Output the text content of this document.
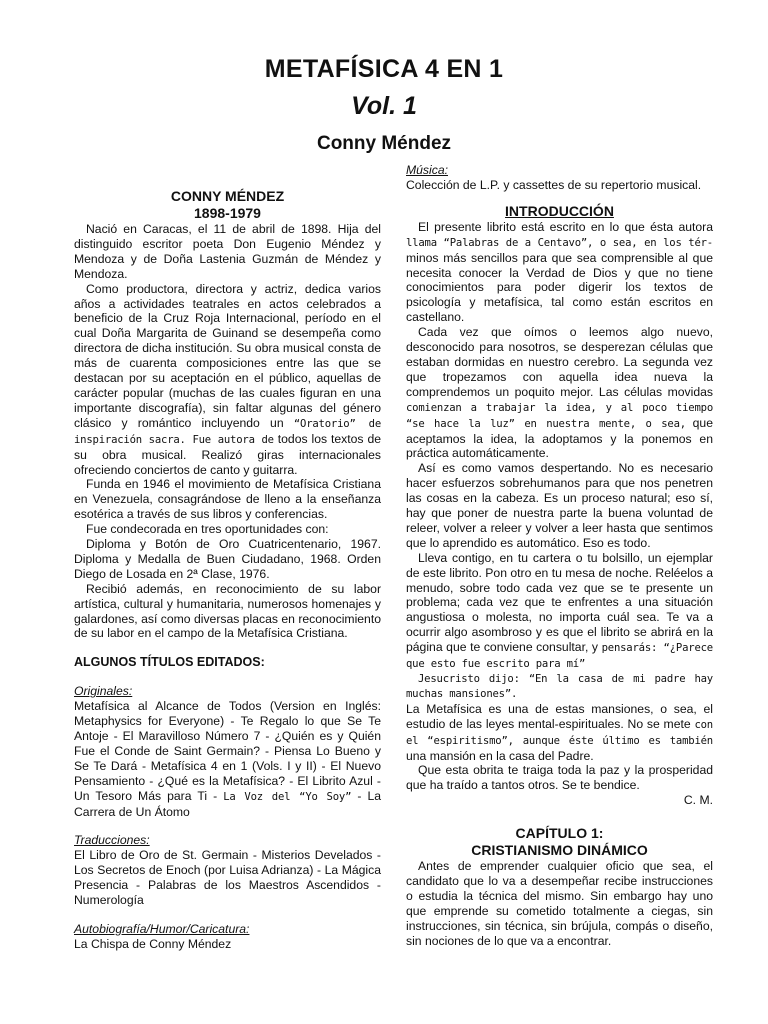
METAFÍSICA 4 EN 1
Vol. 1
Conny Méndez
CONNY MÉNDEZ
1898-1979

Nació en Caracas, el 11 de abril de 1898. Hija del distinguido escritor poeta Don Eugenio Méndez y Mendoza y de Doña Lastenia Guzmán de Méndez y Mendoza.

Como productora, directora y actriz, dedica varios años a actividades teatrales en actos celebrados a beneficio de la Cruz Roja Internacional, período en el cual Doña Margarita de Guinand se desempeña como directora de dicha institución. Su obra musical consta de más de cuarenta composiciones entre las que se destacan por su aceptación en el público, aquellas de carácter popular (muchas de las cuales figuran en una importante discografía), sin faltar algunas del género clásico y romántico incluyendo un “Oratorio” de inspiración sacra. Fue autora de todos los textos de su obra musical. Realizó giras internacionales ofreciendo conciertos de canto y guitarra.

Funda en 1946 el movimiento de Metafísica Cristiana en Venezuela, consagrándose de lleno a la enseñanza esotérica a través de sus libros y conferencias.

Fue condecorada en tres oportunidades con:

Diploma y Botón de Oro Cuatricentenario, 1967. Diploma y Medalla de Buen Ciudadano, 1968. Orden Diego de Losada en 2ª Clase, 1976.

Recibió además, en reconocimiento de su labor artística, cultural y humanitaria, numerosos homenajes y galardones, así como diversas placas en reconocimiento de su labor en el campo de la Metafísica Cristiana.

ALGUNOS TÍTULOS EDITADOS:

Originales:

Metafísica al Alcance de Todos (Version en Inglés: Metaphysics for Everyone) - Te Regalo lo que Se Te Antoje - El Maravilloso Número 7 - ¿Quién es y Quién Fue el Conde de Saint Germain? - Piensa Lo Bueno y Se Te Dará - Metafísica 4 en 1 (Vols. I y II) - El Nuevo Pensamiento - ¿Qué es la Metafísica? - El Librito Azul - Un Tesoro Más para Ti - La Voz del “Yo Soy” - La Carrera de Un Átomo

Traducciones:

El Libro de Oro de St. Germain - Misterios Develados - Los Secretos de Enoch (por Luisa Adrianza) - La Mágica Presencia - Palabras de los Maestros Ascendidos - Numerología

Autobiografía/Humor/Caricatura:

La Chispa de Conny Méndez

Música:

Colección de L.P. y cassettes de su repertorio musical.

INTRODUCCIÓN

El presente librito está escrito en lo que ésta autora llama “Palabras de a Centavo”, o sea, en los tér- minos más sencillos para que sea comprensible al que necesita conocer la Verdad de Dios y que no tiene conocimientos para poder digerir los textos de psicología y metafísica, tal como están escritos en castellano.

Cada vez que oímos o leemos algo nuevo, desconocido para nosotros, se desperezan células que estaban dormidas en nuestro cerebro. La segunda vez que tropezamos con aquella idea nueva la comprendemos un poquito mejor. Las células movidas comienzan a trabajar la idea, y al poco tiempo “se hace la luz” en nuestra mente, o sea, que aceptamos la idea, la adoptamos y la ponemos en práctica automáticamente.

Así es como vamos despertando. No es necesario hacer esfuerzos sobrehumanos para que nos penetren las cosas en la cabeza. Es un proceso natural; eso sí, hay que poner de nuestra parte la buena voluntad de releer, volver a releer y volver a leer hasta que sentimos que lo aprendido es automático. Eso es todo.

Lleva contigo, en tu cartera o tu bolsillo, un ejemplar de este librito. Pon otro en tu mesa de noche. Reléelos a menudo, sobre todo cada vez que se te presente un problema; cada vez que te enfrentes a una situación angustiosa o molesta, no importa cuál sea. Te va a ocurrir algo asombroso y es que el librito se abrirá en la página que te conviene consultar, y pensarás: “¿Parece que esto fue escrito para mí”

Jesucristo dijo: “En la casa de mi padre hay muchas mansiones”.

La Metafísica es una de estas mansiones, o sea, el estudio de las leyes mental-espirituales. No se mete con el “espiritismo”, aunque éste último es también una mansión en la casa del Padre.

Que esta obrita te traiga toda la paz y la prosperidad que ha traído a tantos otros. Se te bendice.

C. M.

CAPÍTULO 1:
CRISTIANISMO DINÁMICO

Antes de emprender cualquier oficio que sea, el candidato que lo va a desempeñar recibe instrucciones o estudia la técnica del mismo. Sin embargo hay uno que emprende su cometido totalmente a ciegas, sin instrucciones, sin técnica, sin brújula, compás o diseño, sin nociones de lo que va a encontrar.
